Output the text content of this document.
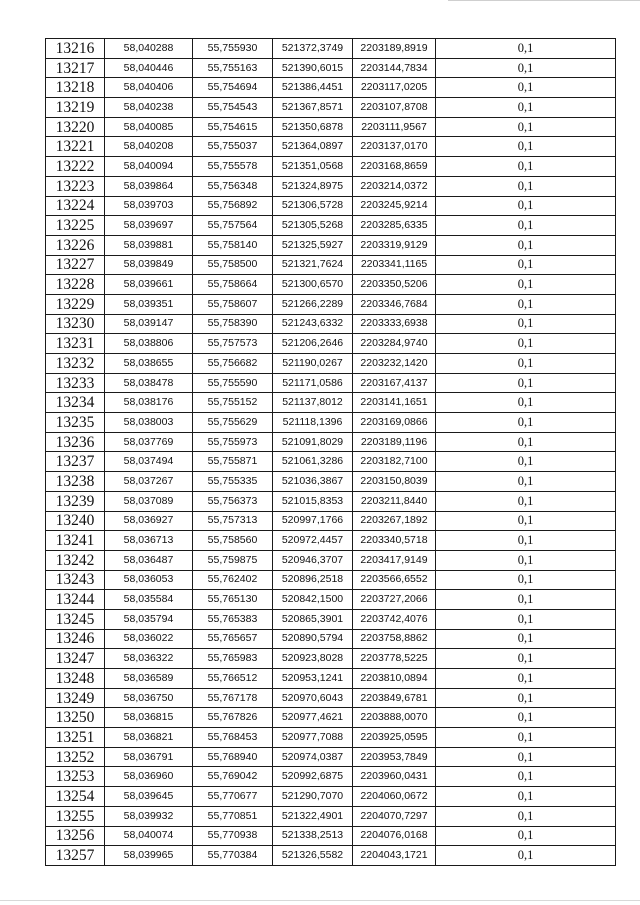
13216	58,040288	55,755930	521372,3749	2203189,8919	0,1
13217	58,040446	55,755163	521390,6015	2203144,7834	0,1
13218	58,040406	55,754694	521386,4451	2203117,0205	0,1
13219	58,040238	55,754543	521367,8571	2203107,8708	0,1
13220	58,040085	55,754615	521350,6878	2203111,9567	0,1
13221	58,040208	55,755037	521364,0897	2203137,0170	0,1
13222	58,040094	55,755578	521351,0568	2203168,8659	0,1
13223	58,039864	55,756348	521324,8975	2203214,0372	0,1
13224	58,039703	55,756892	521306,5728	2203245,9214	0,1
13225	58,039697	55,757564	521305,5268	2203285,6335	0,1
13226	58,039881	55,758140	521325,5927	2203319,9129	0,1
13227	58,039849	55,758500	521321,7624	2203341,1165	0,1
13228	58,039661	55,758664	521300,6570	2203350,5206	0,1
13229	58,039351	55,758607	521266,2289	2203346,7684	0,1
13230	58,039147	55,758390	521243,6332	2203333,6938	0,1
13231	58,038806	55,757573	521206,2646	2203284,9740	0,1
13232	58,038655	55,756682	521190,0267	2203232,1420	0,1
13233	58,038478	55,755590	521171,0586	2203167,4137	0,1
13234	58,038176	55,755152	521137,8012	2203141,1651	0,1
13235	58,038003	55,755629	521118,1396	2203169,0866	0,1
13236	58,037769	55,755973	521091,8029	2203189,1196	0,1
13237	58,037494	55,755871	521061,3286	2203182,7100	0,1
13238	58,037267	55,755335	521036,3867	2203150,8039	0,1
13239	58,037089	55,756373	521015,8353	2203211,8440	0,1
13240	58,036927	55,757313	520997,1766	2203267,1892	0,1
13241	58,036713	55,758560	520972,4457	2203340,5718	0,1
13242	58,036487	55,759875	520946,3707	2203417,9149	0,1
13243	58,036053	55,762402	520896,2518	2203566,6552	0,1
13244	58,035584	55,765130	520842,1500	2203727,2066	0,1
13245	58,035794	55,765383	520865,3901	2203742,4076	0,1
13246	58,036022	55,765657	520890,5794	2203758,8862	0,1
13247	58,036322	55,765983	520923,8028	2203778,5225	0,1
13248	58,036589	55,766512	520953,1241	2203810,0894	0,1
13249	58,036750	55,767178	520970,6043	2203849,6781	0,1
13250	58,036815	55,767826	520977,4621	2203888,0070	0,1
13251	58,036821	55,768453	520977,7088	2203925,0595	0,1
13252	58,036791	55,768940	520974,0387	2203953,7849	0,1
13253	58,036960	55,769042	520992,6875	2203960,0431	0,1
13254	58,039645	55,770677	521290,7070	2204060,0672	0,1
13255	58,039932	55,770851	521322,4901	2204070,7297	0,1
13256	58,040074	55,770938	521338,2513	2204076,0168	0,1
13257	58,039965	55,770384	521326,5582	2204043,1721	0,1
